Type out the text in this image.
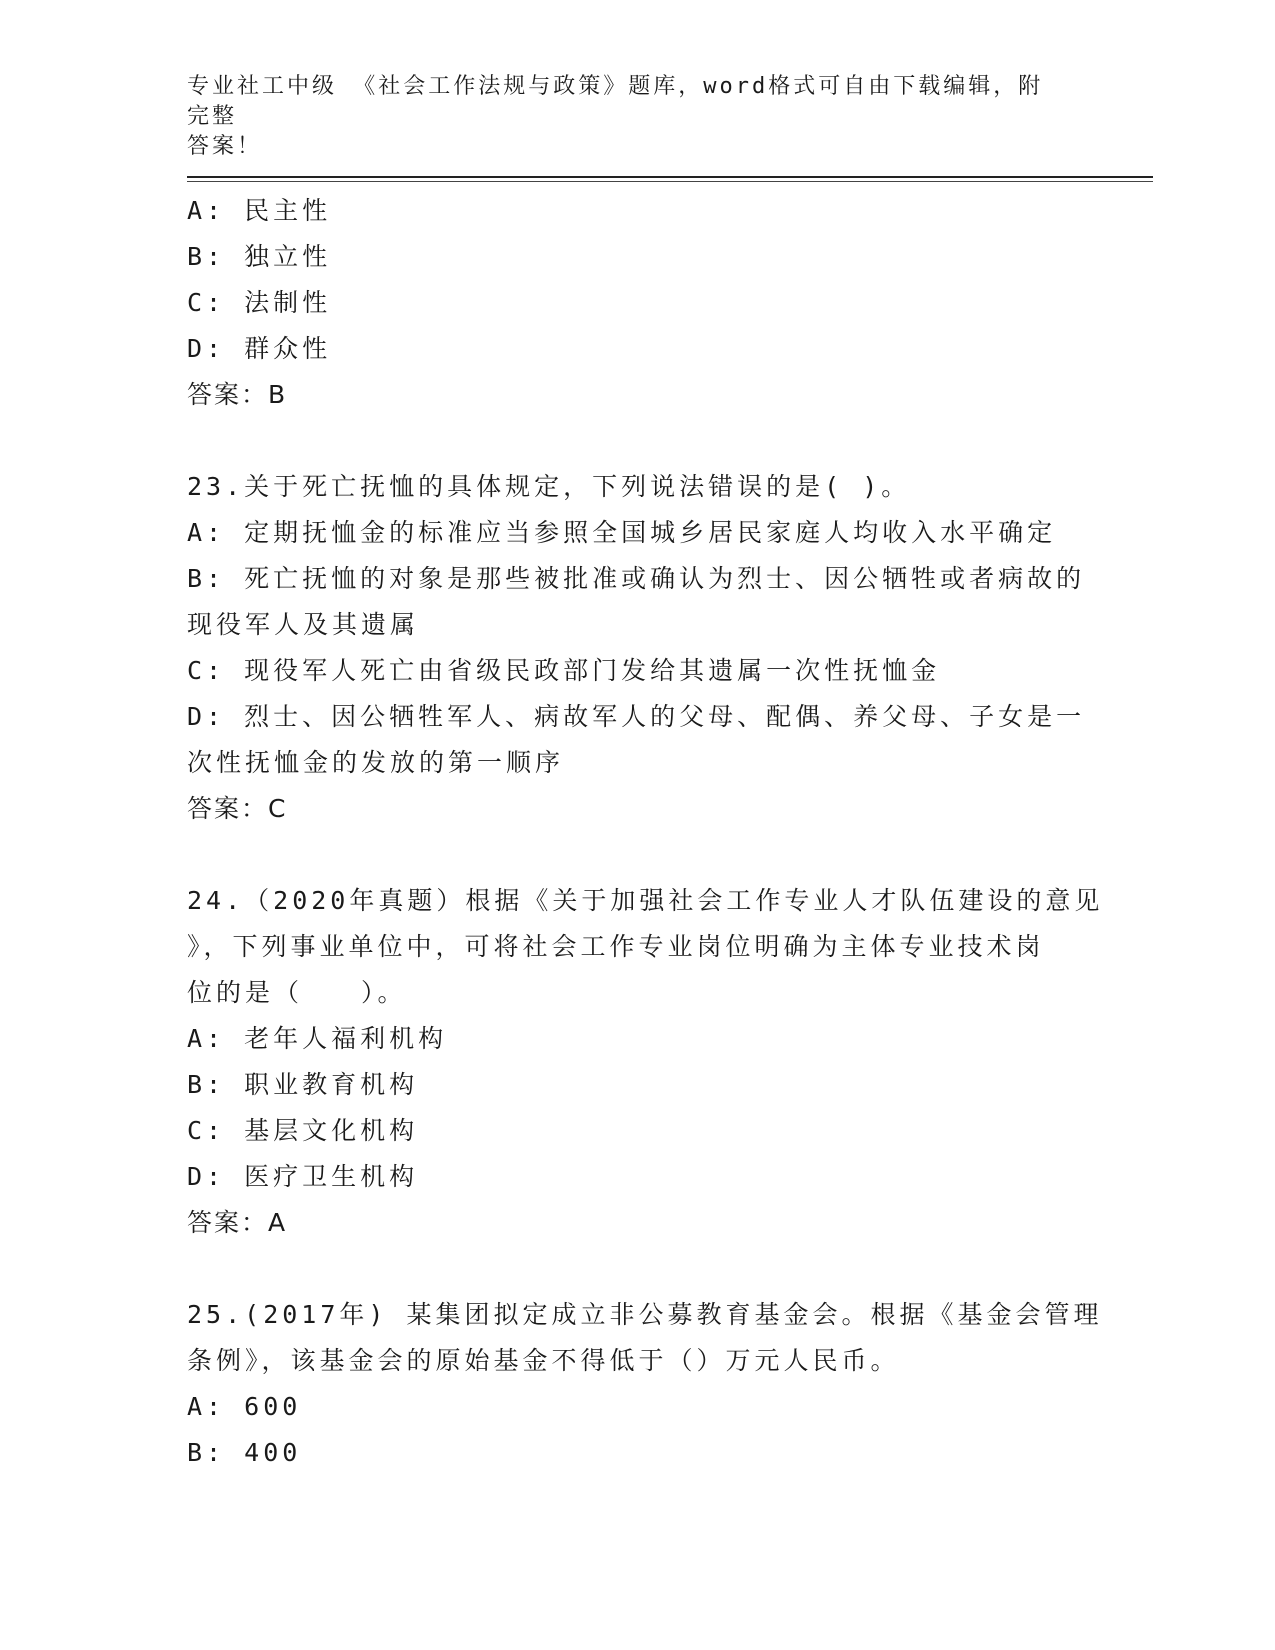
专业社工中级 《社会工作法规与政策》题库，word格式可自由下载编辑，附完整
答案！
A: 民主性
B: 独立性
C: 法制性
D: 群众性
答案：B
23.关于死亡抚恤的具体规定，下列说法错误的是( )。
A: 定期抚恤金的标准应当参照全国城乡居民家庭人均收入水平确定
B: 死亡抚恤的对象是那些被批准或确认为烈士、因公牺牲或者病故的
现役军人及其遗属
C: 现役军人死亡由省级民政部门发给其遗属一次性抚恤金
D: 烈士、因公牺牲军人、病故军人的父母、配偶、养父母、子女是一
次性抚恤金的发放的第一顺序
答案：C
24.（2020年真题）根据《关于加强社会工作专业人才队伍建设的意见
》，下列事业单位中，可将社会工作专业岗位明确为主体专业技术岗
位的是（　　）。
A: 老年人福利机构
B: 职业教育机构
C: 基层文化机构
D: 医疗卫生机构
答案：A
25.(2017年) 某集团拟定成立非公募教育基金会。根据《基金会管理
条例》，该基金会的原始基金不得低于（）万元人民币。
A: 600
B: 400
